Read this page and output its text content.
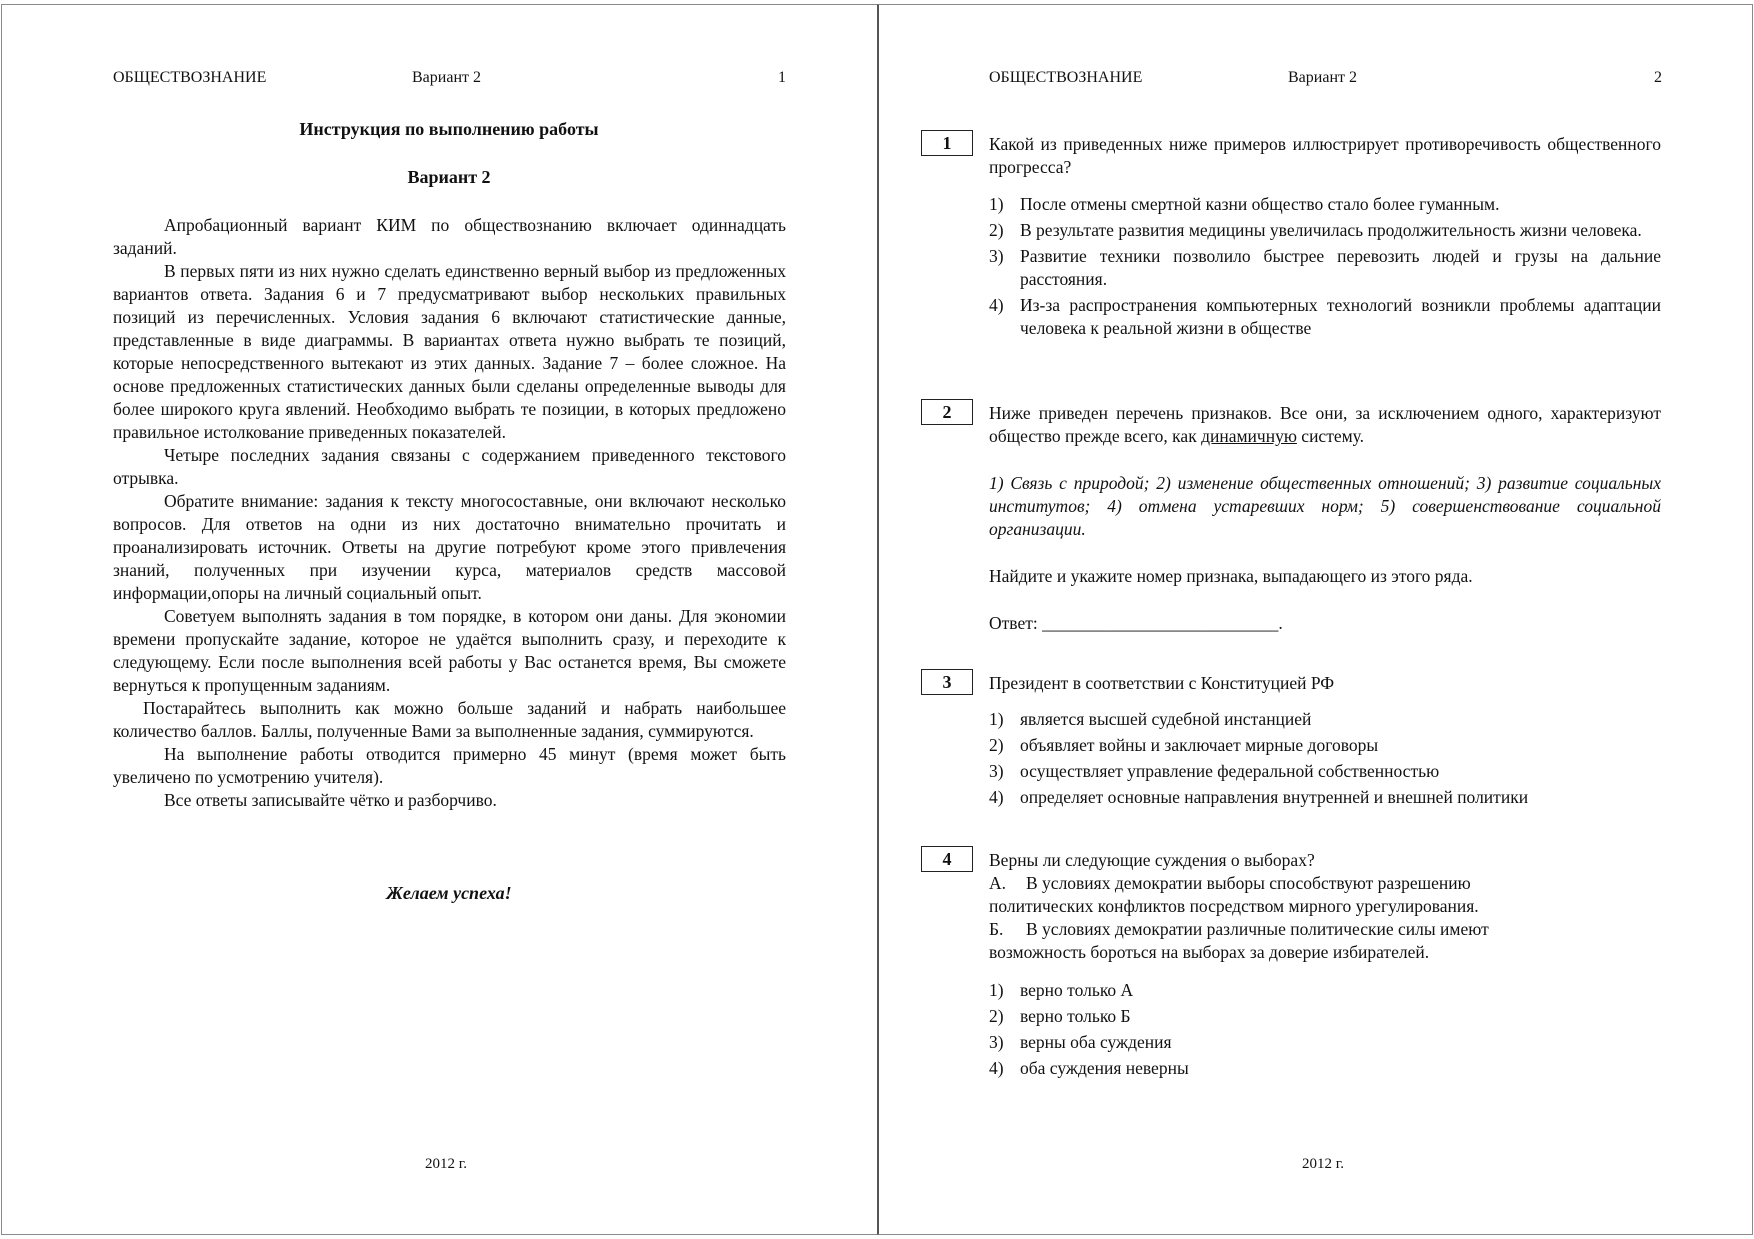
ОБЩЕСТВОЗНАНИЕ	Вариант 2	1
Инструкция по выполнению работы
Вариант 2

Апробационный вариант КИМ по обществознанию включает одиннадцать заданий.

В первых пяти из них нужно сделать единственно верный выбор из предложенных вариантов ответа. Задания 6 и 7 предусматривают выбор нескольких правильных позиций из перечисленных. Условия задания 6 включают статистические данные, представленные в виде диаграммы. В вариантах ответа нужно выбрать те позиций, которые непосредственного вытекают из этих данных. Задание 7 – более сложное. На основе предложенных статистических данных были сделаны определенные выводы для более широкого круга явлений. Необходимо выбрать те позиции, в которых предложено правильное истолкование приведенных показателей.

Четыре последних задания связаны с содержанием приведенного текстового отрывка.

Обратите внимание: задания к тексту многосоставные, они включают несколько вопросов. Для ответов на одни из них достаточно внимательно прочитать и проанализировать источник. Ответы на другие потребуют кроме этого привлечения знаний, полученных при изучении курса, материалов средств массовой информации,опоры на личный социальный опыт.

Советуем выполнять задания в том порядке, в котором они даны. Для экономии времени пропускайте задание, которое не удаётся выполнить сразу, и переходите к следующему. Если после выполнения всей работы у Вас останется время, Вы сможете вернуться к пропущенным заданиям.

Постарайтесь выполнить как можно больше заданий и набрать наибольшее количество баллов. Баллы, полученные Вами за выполненные задания, суммируются.

На выполнение работы отводится примерно 45 минут (время может быть увеличено по усмотрению учителя).

Все ответы записывайте чётко и разборчиво.

Желаем успеха!
2012 г.
ОБЩЕСТВОЗНАНИЕ	Вариант 2	2
1	Какой из приведенных ниже примеров иллюстрирует противоречивость общественного прогресса?
1) После отмены смертной казни общество стало более гуманным.
2) В результате развития медицины увеличилась продолжительность жизни человека.
3) Развитие техники позволило быстрее перевозить людей и грузы на дальние расстояния.
4) Из-за распространения компьютерных технологий возникли проблемы адаптации человека к реальной жизни в обществе
2	Ниже приведен перечень признаков. Все они, за исключением одного, характеризуют общество прежде всего, как динамичную систему.
1) Связь с природой; 2) изменение общественных отношений; 3) развитие социальных институтов; 4) отмена устаревших норм; 5) совершенствование социальной организации.
Найдите и укажите номер признака, выпадающего из этого ряда.
Ответ: ___________________________.
3	Президент в соответствии с Конституцией РФ
1) является высшей судебной инстанцией
2) объявляет войны и заключает мирные договоры
3) осуществляет управление федеральной собственностью
4) определяет основные направления внутренней и внешней политики
4	Верны ли следующие суждения о выборах?
А. В условиях демократии выборы способствуют разрешению политических конфликтов посредством мирного урегулирования.
Б. В условиях демократии различные политические силы имеют возможность бороться на выборах за доверие избирателей.
1) верно только А
2) верно только Б
3) верны оба суждения
4) оба суждения неверны
2012 г.
